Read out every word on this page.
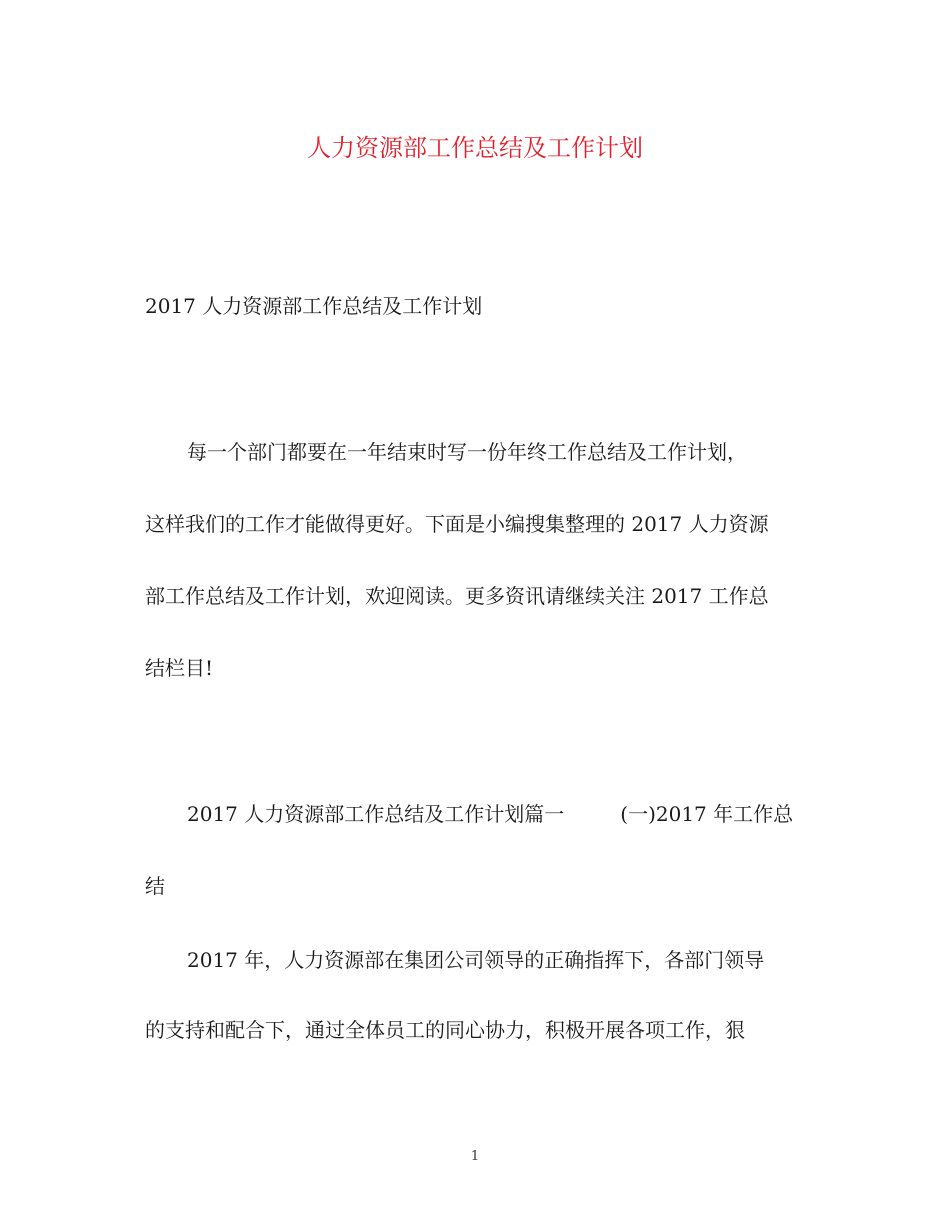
人力资源部工作总结及工作计划

2017 人力资源部工作总结及工作计划

每一个部门都要在一年结束时写一份年终工作总结及工作计划，

这样我们的工作才能做得更好。下面是小编搜集整理的 2017 人力资源

部工作总结及工作计划，欢迎阅读。更多资讯请继续关注 2017 工作总

结栏目!

2017 人力资源部工作总结及工作计划篇一	(一)2017 年工作总

结

2017 年，人力资源部在集团公司领导的正确指挥下，各部门领导

的支持和配合下，通过全体员工的同心协力，积极开展各项工作，狠

1
